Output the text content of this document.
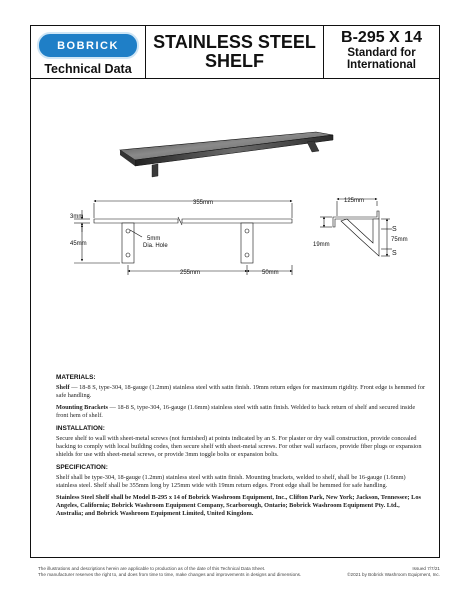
BOBRICK
Technical Data
STAINLESS STEEL
SHELF
B-295 X 14
Standard for
International
355mm
3mm
45mm
5mm
Dia. Hole
255mm	50mm
125mm
19mm
75mm
S
S
MATERIALS:
Shelf — 18-8 S, type-304, 18-gauge (1.2mm) stainless steel with satin finish. 19mm return edges for maximum rigidity. Front edge is hemmed for safe handling.
Mounting Brackets — 18-8 S, type-304, 16-gauge (1.6mm) stainless steel with satin finish. Welded to back return of shelf and secured inside front hem of shelf.
INSTALLATION:
Secure shelf to wall with sheet-metal screws (not furnished) at points indicated by an S. For plaster or dry wall construction, provide concealed backing to comply with local building codes, then secure shelf with sheet-metal screws. For other wall surfaces, provide fiber plugs or expansion shields for use with sheet-metal screws, or provide 3mm toggle bolts or expansion bolts.
SPECIFICATION:
Shelf shall be type-304, 18-gauge (1.2mm) stainless steel with satin finish. Mounting brackets, welded to shelf, shall be 16-gauge (1.6mm) stainless steel. Shelf shall be 355mm long by 125mm wide with 19mm return edges. Front edge shall be hemmed for safe handling.
Stainless Steel Shelf shall be Model B-295 x 14 of Bobrick Washroom Equipment, Inc., Clifton Park, New York; Jackson, Tennessee; Los Angeles, California; Bobrick Washroom Equipment Company, Scarborough, Ontario; Bobrick Washroom Equipment Pty. Ltd., Australia; and Bobrick Washroom Equipment Limited, United Kingdom.
The illustrations and descriptions herein are applicable to production as of the date of this Technical Data Sheet.
The manufacturer reserves the right to, and does from time to time, make changes and improvements in designs and dimensions.
Issued 7/7/21
©2021 by Bobrick Washroom Equipment, Inc.
